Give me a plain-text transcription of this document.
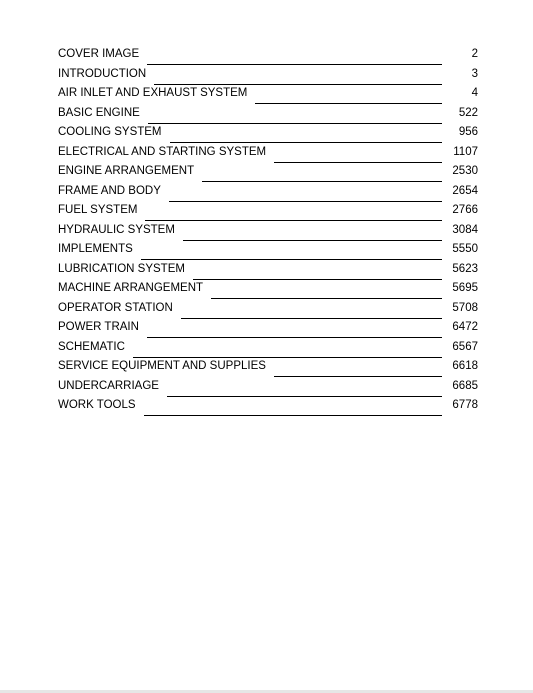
COVER IMAGE	2
INTRODUCTION	3
AIR INLET AND EXHAUST SYSTEM	4
BASIC ENGINE	522
COOLING SYSTEM	956
ELECTRICAL AND STARTING SYSTEM	1107
ENGINE ARRANGEMENT	2530
FRAME AND BODY	2654
FUEL SYSTEM	2766
HYDRAULIC SYSTEM	3084
IMPLEMENTS	5550
LUBRICATION SYSTEM	5623
MACHINE ARRANGEMENT	5695
OPERATOR STATION	5708
POWER TRAIN	6472
SCHEMATIC	6567
SERVICE EQUIPMENT AND SUPPLIES	6618
UNDERCARRIAGE	6685
WORK TOOLS	6778
